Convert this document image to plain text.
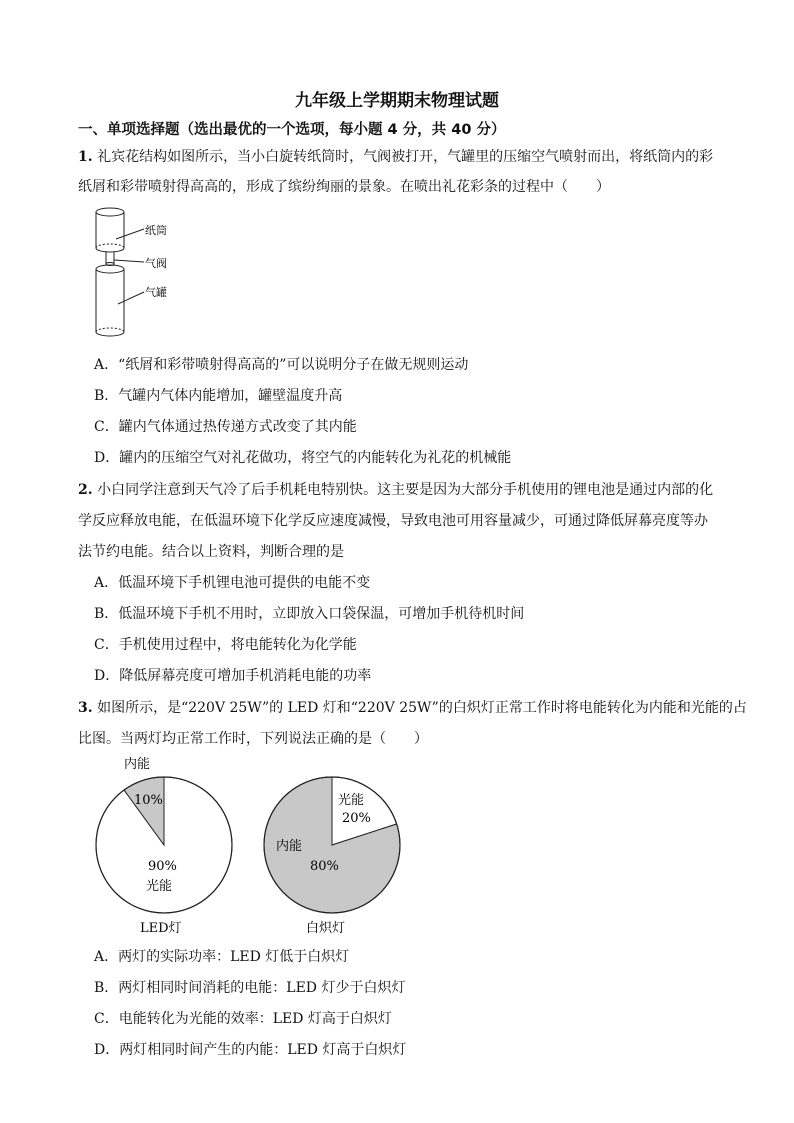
九年级上学期期末物理试题
一、单项选择题（选出最优的一个选项，每小题 4 分，共 40 分）
1. 礼宾花结构如图所示，当小白旋转纸筒时，气阀被打开，气罐里的压缩空气喷射而出，将纸筒内的彩
纸屑和彩带喷射得高高的，形成了缤纷绚丽的景象。在喷出礼花彩条的过程中（　　）
纸筒
气阀
气罐
A．“纸屑和彩带喷射得高高的”可以说明分子在做无规则运动
B．气罐内气体内能增加，罐壁温度升高
C．罐内气体通过热传递方式改变了其内能
D．罐内的压缩空气对礼花做功，将空气的内能转化为礼花的机械能
2. 小白同学注意到天气冷了后手机耗电特别快。这主要是因为大部分手机使用的锂电池是通过内部的化
学反应释放电能，在低温环境下化学反应速度减慢，导致电池可用容量减少，可通过降低屏幕亮度等办
法节约电能。结合以上资料，判断合理的是
A．低温环境下手机锂电池可提供的电能不变
B．低温环境下手机不用时，立即放入口袋保温，可增加手机待机时间
C．手机使用过程中，将电能转化为化学能
D．降低屏幕亮度可增加手机消耗电能的功率
3. 如图所示，是“220V 25W”的 LED 灯和“220V 25W”的白炽灯正常工作时将电能转化为内能和光能的占
比图。当两灯均正常工作时，下列说法正确的是（　　）
内能
10%
90%
光能
LED灯
光能
20%
内能
80%
白炽灯
A．两灯的实际功率：LED 灯低于白炽灯
B．两灯相同时间消耗的电能：LED 灯少于白炽灯
C．电能转化为光能的效率：LED 灯高于白炽灯
D．两灯相同时间产生的内能：LED 灯高于白炽灯
